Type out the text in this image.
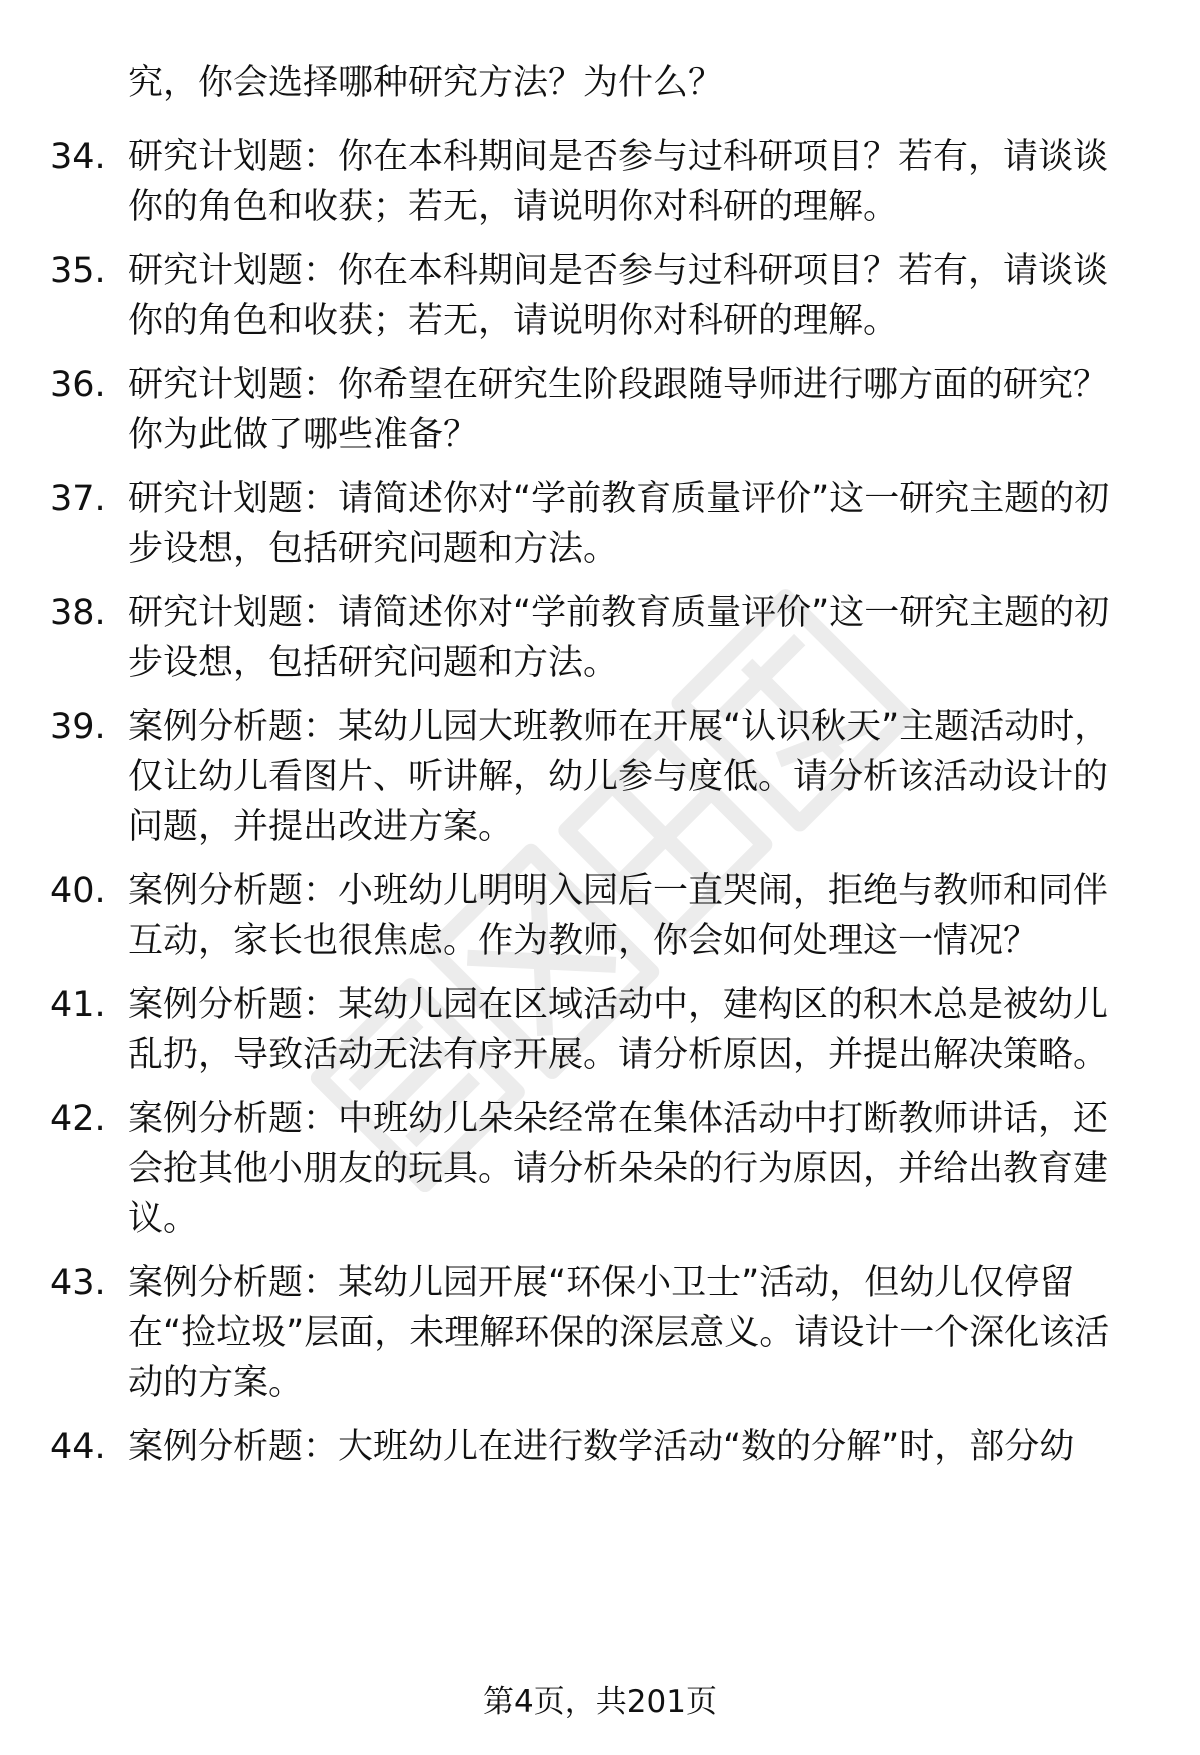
究，你会选择哪种研究方法？为什么？

34. 研究计划题：你在本科期间是否参与过科研项目？若有，请谈谈你的角色和收获；若无，请说明你对科研的理解。

35. 研究计划题：你在本科期间是否参与过科研项目？若有，请谈谈你的角色和收获；若无，请说明你对科研的理解。

36. 研究计划题：你希望在研究生阶段跟随导师进行哪方面的研究？你为此做了哪些准备？

37. 研究计划题：请简述你对“学前教育质量评价”这一研究主题的初步设想，包括研究问题和方法。

38. 研究计划题：请简述你对“学前教育质量评价”这一研究主题的初步设想，包括研究问题和方法。

39. 案例分析题：某幼儿园大班教师在开展“认识秋天”主题活动时，仅让幼儿看图片、听讲解，幼儿参与度低。请分析该活动设计的问题，并提出改进方案。

40. 案例分析题：小班幼儿明明入园后一直哭闹，拒绝与教师和同伴互动，家长也很焦虑。作为教师，你会如何处理这一情况？

41. 案例分析题：某幼儿园在区域活动中，建构区的积木总是被幼儿乱扔，导致活动无法有序开展。请分析原因，并提出解决策略。

42. 案例分析题：中班幼儿朵朵经常在集体活动中打断教师讲话，还会抢其他小朋友的玩具。请分析朵朵的行为原因，并给出教育建议。

43. 案例分析题：某幼儿园开展“环保小卫士”活动，但幼儿仅停留在“捡垃圾”层面，未理解环保的深层意义。请设计一个深化该活动的方案。

44. 案例分析题：大班幼儿在进行数学活动“数的分解”时，部分幼

第4页，共201页
